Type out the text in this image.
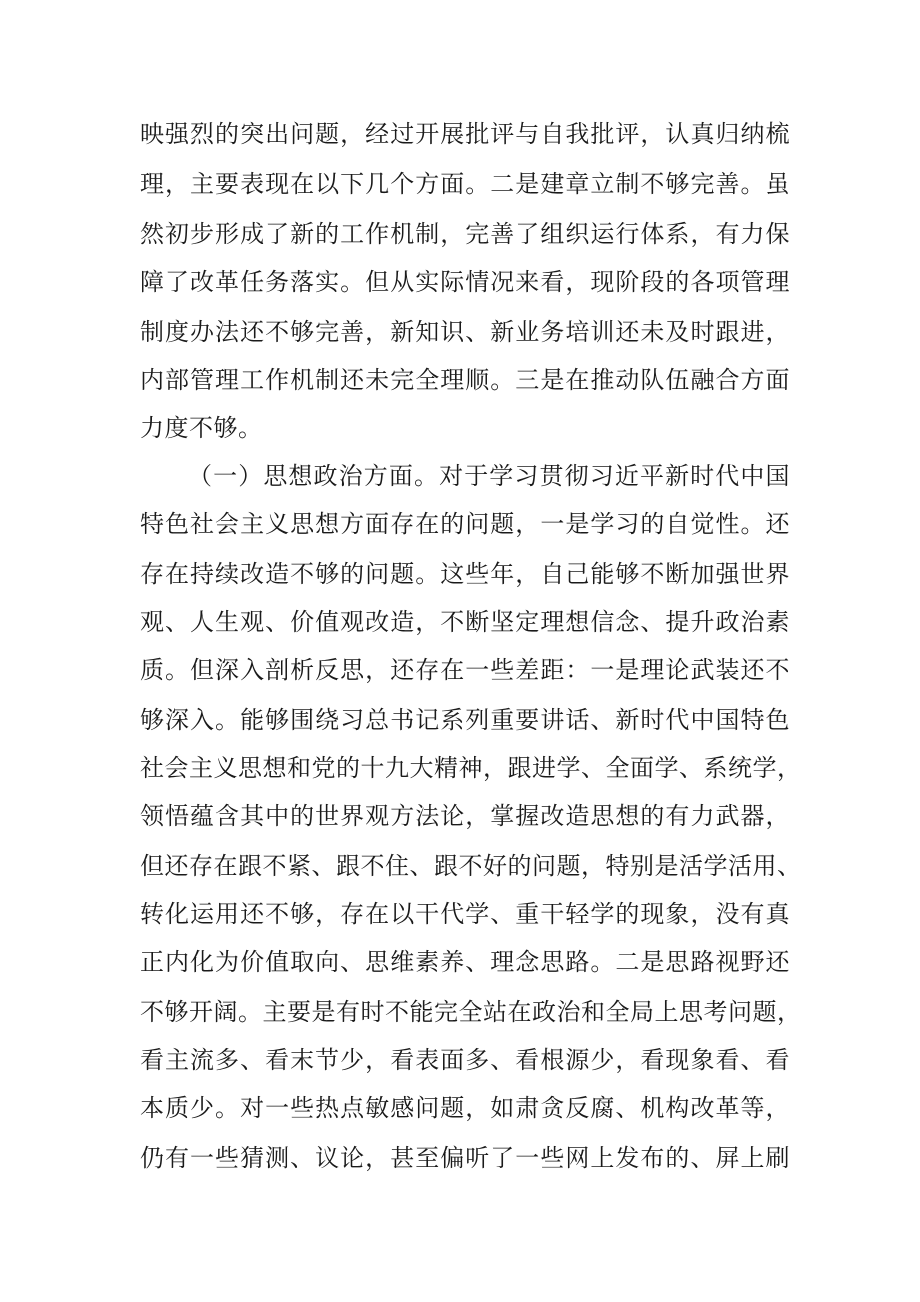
映强烈的突出问题，经过开展批评与自我批评，认真归纳梳
理，主要表现在以下几个方面。二是建章立制不够完善。虽
然初步形成了新的工作机制，完善了组织运行体系，有力保
障了改革任务落实。但从实际情况来看，现阶段的各项管理
制度办法还不够完善，新知识、新业务培训还未及时跟进，
内部管理工作机制还未完全理顺。三是在推动队伍融合方面
力度不够。
（一）思想政治方面。对于学习贯彻习近平新时代中国
特色社会主义思想方面存在的问题，一是学习的自觉性。还
存在持续改造不够的问题。这些年，自己能够不断加强世界
观、人生观、价值观改造，不断坚定理想信念、提升政治素
质。但深入剖析反思，还存在一些差距：一是理论武装还不
够深入。能够围绕习总书记系列重要讲话、新时代中国特色
社会主义思想和党的十九大精神，跟进学、全面学、系统学，
领悟蕴含其中的世界观方法论，掌握改造思想的有力武器，
但还存在跟不紧、跟不住、跟不好的问题，特别是活学活用、
转化运用还不够，存在以干代学、重干轻学的现象，没有真
正内化为价值取向、思维素养、理念思路。二是思路视野还
不够开阔。主要是有时不能完全站在政治和全局上思考问题，
看主流多、看末节少，看表面多、看根源少，看现象看、看
本质少。对一些热点敏感问题，如肃贪反腐、机构改革等，
仍有一些猜测、议论，甚至偏听了一些网上发布的、屏上刷
